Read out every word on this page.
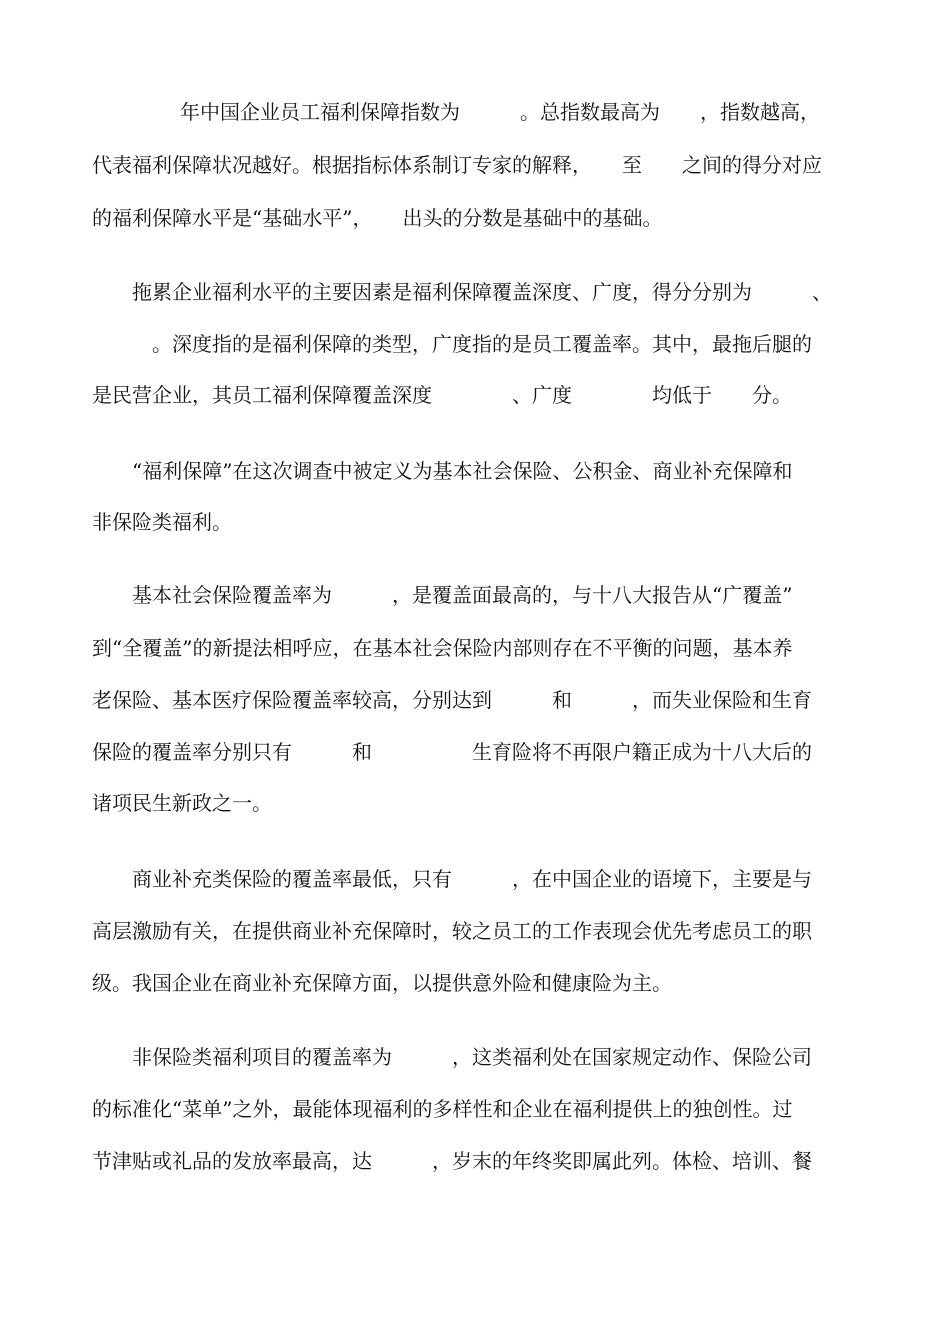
年中国企业员工福利保障指数为　　　。总指数最高为　　，指数越高，
代表福利保障状况越好。根据指标体系制订专家的解释，　　至　　之间的得分对应
的福利保障水平是“基础水平”，　　出头的分数是基础中的基础。
拖累企业福利水平的主要因素是福利保障覆盖深度、广度，得分分别为　　　、
　。深度指的是福利保障的类型，广度指的是员工覆盖率。其中，最拖后腿的
是民营企业，其员工福利保障覆盖深度　　　　、广度　　　　均低于　　分。
“福利保障”在这次调查中被定义为基本社会保险、公积金、商业补充保障和
非保险类福利。
基本社会保险覆盖率为　　　，是覆盖面最高的，与十八大报告从“广覆盖”
到“全覆盖”的新提法相呼应，在基本社会保险内部则存在不平衡的问题，基本养
老保险、基本医疗保险覆盖率较高，分别达到　　　和　　　，而失业保险和生育
保险的覆盖率分别只有　　　和　　　　　生育险将不再限户籍正成为十八大后的
诸项民生新政之一。
商业补充类保险的覆盖率最低，只有　　　，在中国企业的语境下，主要是与
高层激励有关，在提供商业补充保障时，较之员工的工作表现会优先考虑员工的职
级。我国企业在商业补充保障方面，以提供意外险和健康险为主。
非保险类福利项目的覆盖率为　　　，这类福利处在国家规定动作、保险公司
的标准化“菜单”之外，最能体现福利的多样性和企业在福利提供上的独创性。过
节津贴或礼品的发放率最高，达　　　，岁末的年终奖即属此列。体检、培训、餐
